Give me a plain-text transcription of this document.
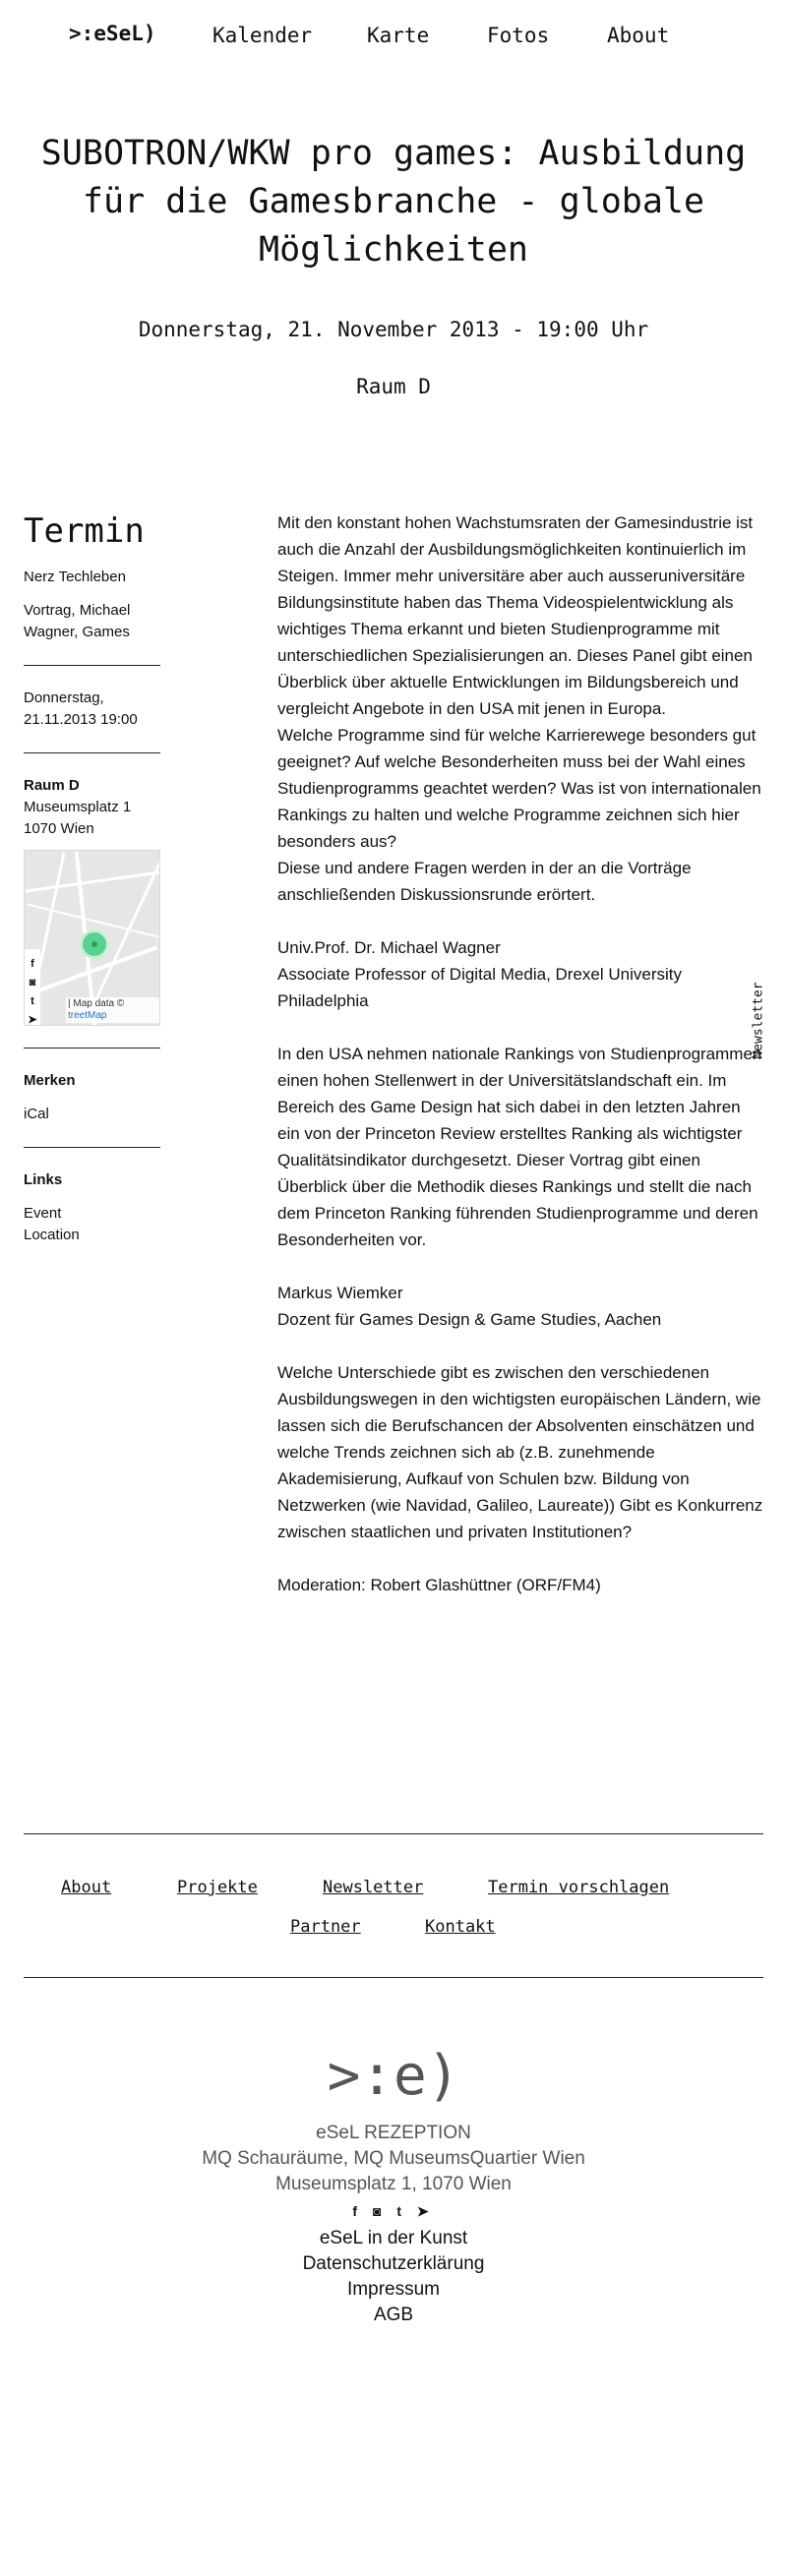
>:eSeL)	Kalender	Karte	Fotos	About
SUBOTRON/WKW pro games: Ausbildung für die Gamesbranche - globale Möglichkeiten
Donnerstag, 21. November 2013 - 19:00 Uhr
Raum D
Termin
Nerz Techleben
Vortrag, Michael Wagner, Games
Donnerstag,
21.11.2013 19:00
Raum D
Museumsplatz 1
1070 Wien
f
◙
t
➤
| Map data ©
treetMap
Merken
iCal
Links
Event
Location

Mit den konstant hohen Wachstumsraten der Gamesindustrie ist auch die Anzahl der Ausbildungsmöglichkeiten kontinuierlich im Steigen. Immer mehr universitäre aber auch ausseruniversitäre Bildungsinstitute haben das Thema Videospielentwicklung als wichtiges Thema erkannt und bieten Studienprogramme mit unterschiedlichen Spezialisierungen an. Dieses Panel gibt einen Überblick über aktuelle Entwicklungen im Bildungsbereich und vergleicht Angebote in den USA mit jenen in Europa.
Welche Programme sind für welche Karrierewege besonders gut geeignet? Auf welche Besonderheiten muss bei der Wahl eines Studienprogramms geachtet werden? Was ist von internationalen Rankings zu halten und welche Programme zeichnen sich hier besonders aus?
Diese und andere Fragen werden in der an die Vorträge anschließenden Diskussionsrunde erörtert.

Univ.Prof. Dr. Michael Wagner
Associate Professor of Digital Media, Drexel University Philadelphia

In den USA nehmen nationale Rankings von Studienprogrammen einen hohen Stellenwert in der Universitätslandschaft ein. Im Bereich des Game Design hat sich dabei in den letzten Jahren ein von der Princeton Review erstelltes Ranking als wichtigster Qualitätsindikator durchgesetzt. Dieser Vortrag gibt einen Überblick über die Methodik dieses Rankings und stellt die nach dem Princeton Ranking führenden Studienprogramme und deren Besonderheiten vor.

Markus Wiemker
Dozent für Games Design & Game Studies, Aachen

Welche Unterschiede gibt es zwischen den verschiedenen Ausbildungswegen in den wichtigsten europäischen Ländern, wie lassen sich die Berufschancen der Absolventen einschätzen und welche Trends zeichnen sich ab (z.B. zunehmende Akademisierung, Aufkauf von Schulen bzw. Bildung von Netzwerken (wie Navidad, Galileo, Laureate)) Gibt es Konkurrenz zwischen staatlichen und privaten Institutionen?

Moderation: Robert Glashüttner (ORF/FM4)

Newsletter
About	Projekte	Newsletter	Termin vorschlagen
Partner	Kontakt
>:e)
eSeL REZEPTION
MQ Schauräume, MQ MuseumsQuartier Wien
Museumsplatz 1, 1070 Wien
f ◙ t ➤
eSeL in der Kunst
Datenschutzerklärung
Impressum
AGB
